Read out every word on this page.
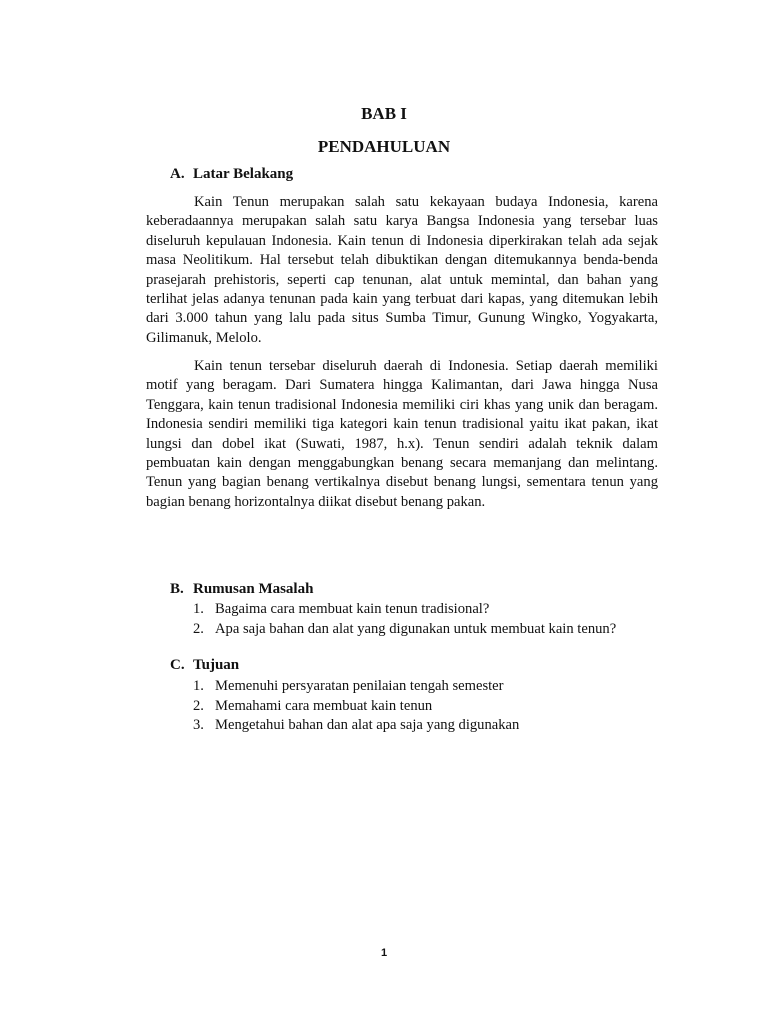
BAB I
PENDAHULUAN
A. Latar Belakang

Kain Tenun merupakan salah satu kekayaan budaya Indonesia, karena keberadaannya merupakan salah satu karya Bangsa Indonesia yang tersebar luas diseluruh kepulauan Indonesia. Kain tenun di Indonesia diperkirakan telah ada sejak masa Neolitikum. Hal tersebut telah dibuktikan dengan ditemukannya benda-benda prasejarah prehistoris, seperti cap tenunan, alat untuk memintal, dan bahan yang terlihat jelas adanya tenunan pada kain yang terbuat dari kapas, yang ditemukan lebih dari 3.000 tahun yang lalu pada situs Sumba Timur, Gunung Wingko, Yogyakarta, Gilimanuk, Melolo.

Kain tenun tersebar diseluruh daerah di Indonesia. Setiap daerah memiliki motif yang beragam. Dari Sumatera hingga Kalimantan, dari Jawa hingga Nusa Tenggara, kain tenun tradisional Indonesia memiliki ciri khas yang unik dan beragam. Indonesia sendiri memiliki tiga kategori kain tenun tradisional yaitu ikat pakan, ikat lungsi dan dobel ikat (Suwati, 1987, h.x). Tenun sendiri adalah teknik dalam pembuatan kain dengan menggabungkan benang secara memanjang dan melintang. Tenun yang bagian benang vertikalnya disebut benang lungsi, sementara tenun yang bagian benang horizontalnya diikat disebut benang pakan.

B. Rumusan Masalah
1. Bagaima cara membuat kain tenun tradisional?
2. Apa saja bahan dan alat yang digunakan untuk membuat kain tenun?
C. Tujuan
1. Memenuhi persyaratan penilaian tengah semester
2. Memahami cara membuat kain tenun
3. Mengetahui bahan dan alat apa saja yang digunakan

1
